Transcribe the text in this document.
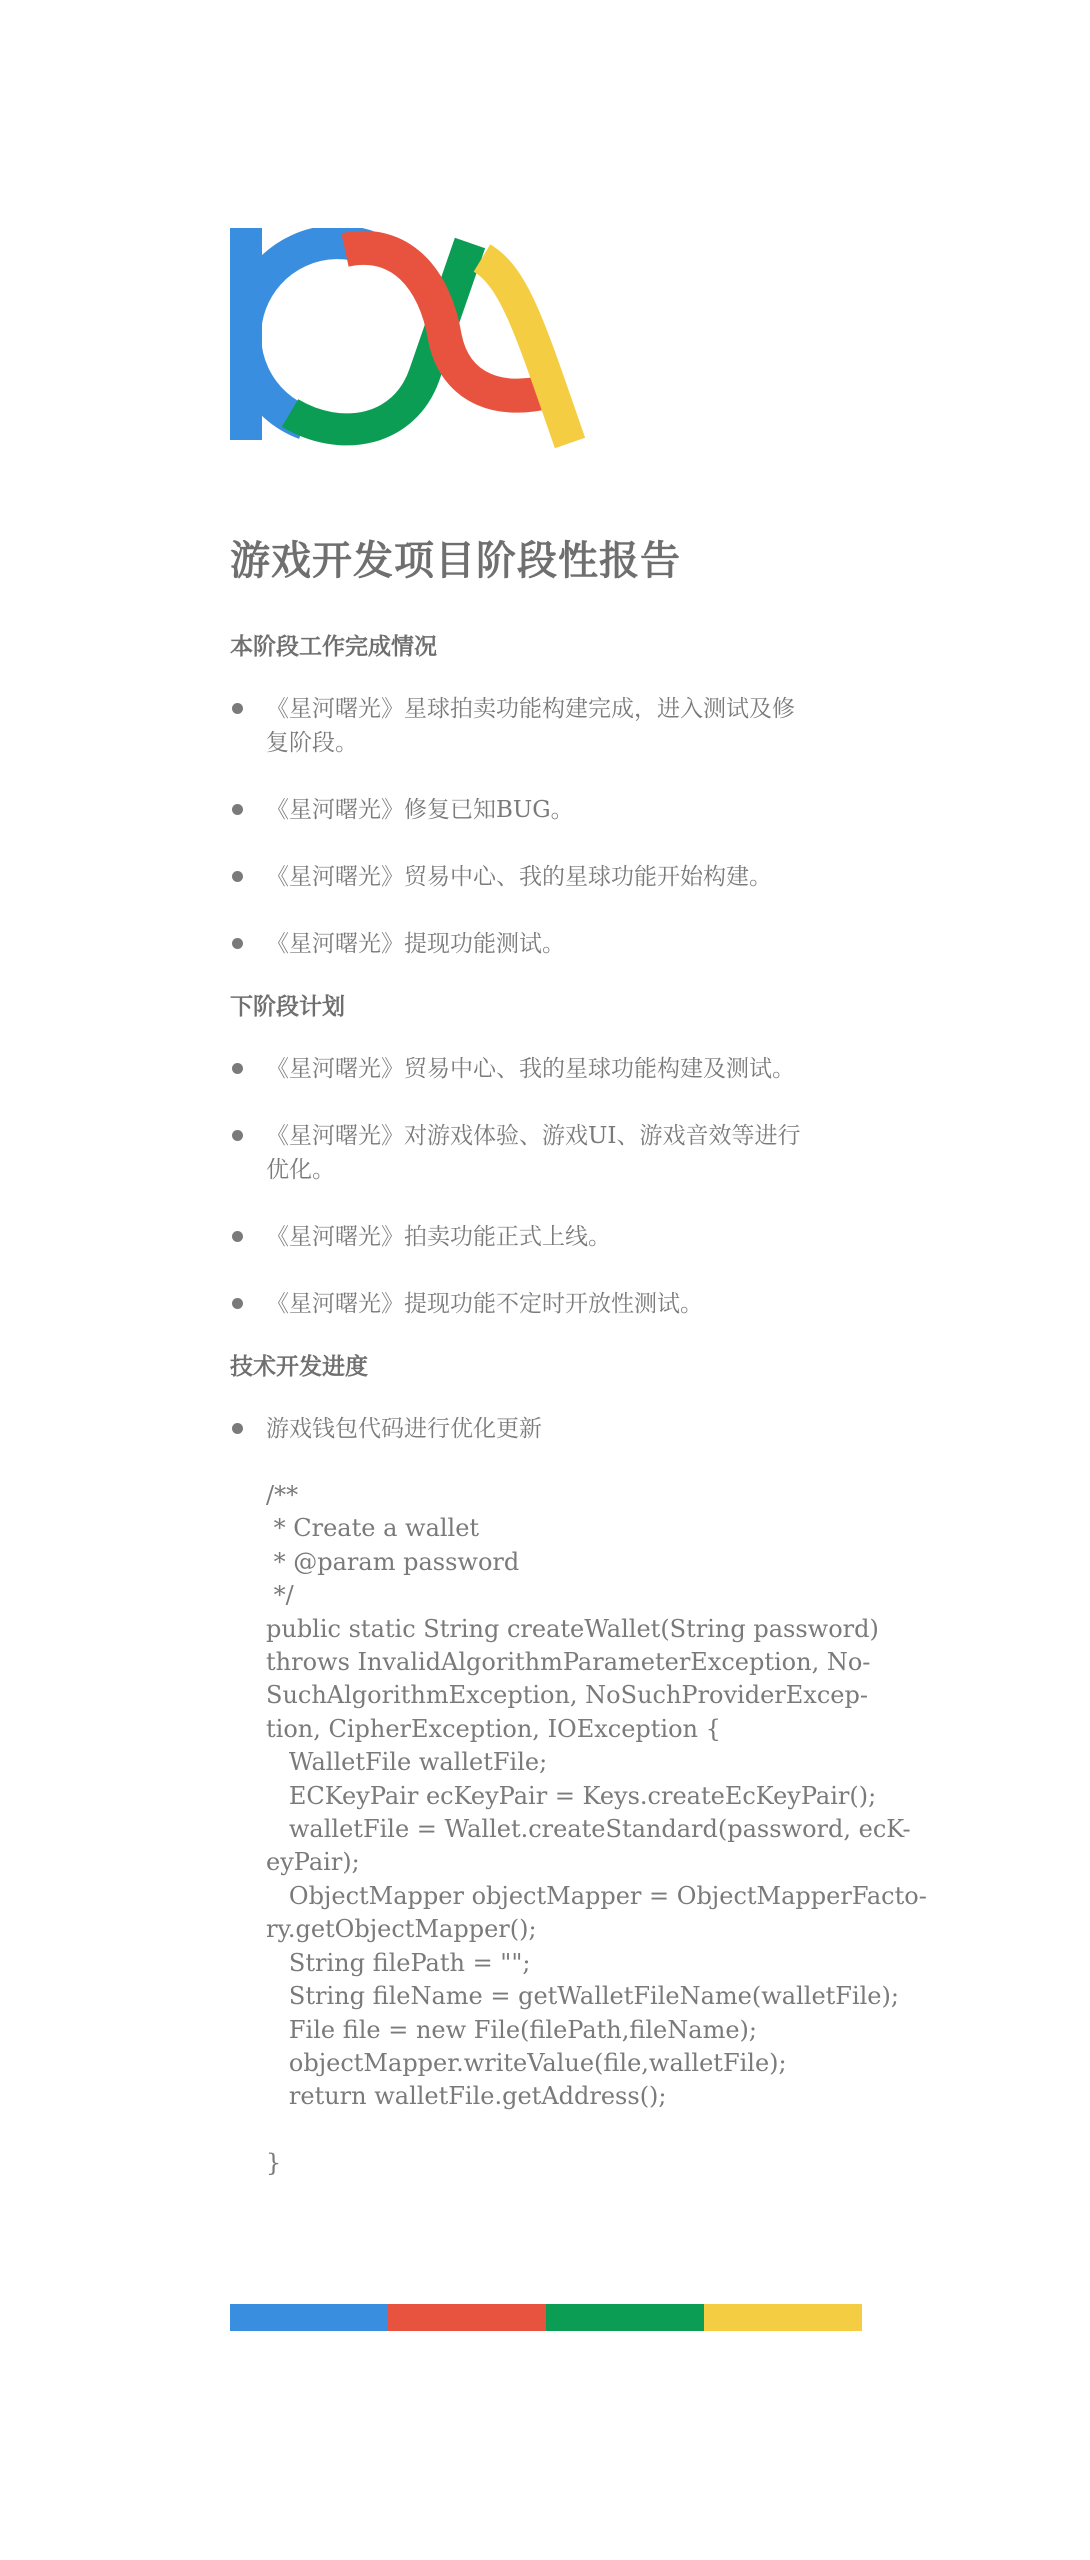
游戏开发项目阶段性报告
本阶段工作完成情况
《星河曙光》星球拍卖功能构建完成，进入测试及修
复阶段。
《星河曙光》修复已知BUG。
《星河曙光》贸易中心、我的星球功能开始构建。
《星河曙光》提现功能测试。
下阶段计划
《星河曙光》贸易中心、我的星球功能构建及测试。
《星河曙光》对游戏体验、游戏UI、游戏音效等进行
优化。
《星河曙光》拍卖功能正式上线。
《星河曙光》提现功能不定时开放性测试。
技术开发进度
游戏钱包代码进行优化更新
/**
* Create a wallet
* @param password
*/
public static String createWallet(String password)
throws InvalidAlgorithmParameterException, No-
SuchAlgorithmException, NoSuchProviderExcep-
tion, CipherException, IOException {
WalletFile walletFile;
ECKeyPair ecKeyPair = Keys.createEcKeyPair();
walletFile = Wallet.createStandard(password, ecK-
eyPair);
ObjectMapper objectMapper = ObjectMapperFacto-
ry.getObjectMapper();
String filePath = "";
String fileName = getWalletFileName(walletFile);
File file = new File(filePath,fileName);
objectMapper.writeValue(file,walletFile);
return walletFile.getAddress();

}
